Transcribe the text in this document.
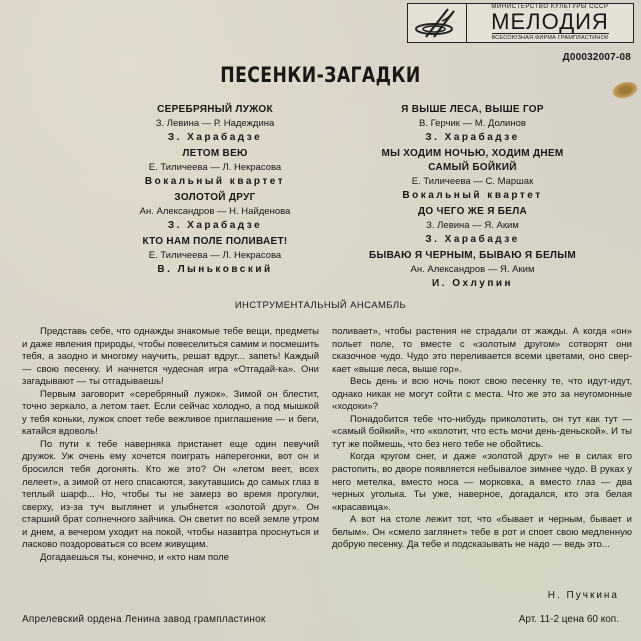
МИНИСТЕРСТВО КУЛЬТУРЫ СССР
МЕЛОДИЯ
ВСЕСОЮЗНАЯ ФИРМА ГРАМПЛАСТИНОК
Д00032007-08
ПЕСЕНКИ-ЗАГАДКИ
СЕРЕБРЯНЫЙ ЛУЖОК
З. Левина — Р. Надеждина
З. Харабадзе
ЛЕТОМ ВЕЮ
Е. Тиличеева — Л. Некрасова
Вокальный квартет
ЗОЛОТОЙ ДРУГ
Ан. Александров — Н. Найденова
З. Харабадзе
КТО НАМ ПОЛЕ ПОЛИВАЕТ!
Е. Тиличеева — Л. Некрасова
В. Лыньковский
Я ВЫШЕ ЛЕСА, ВЫШЕ ГОР
В. Герчик — М. Долинов
З. Харабадзе
МЫ ХОДИМ НОЧЬЮ, ХОДИМ ДНЕМ
САМЫЙ БОЙКИЙ
Е. Тиличеева — С. Маршак
Вокальный квартет
ДО ЧЕГО ЖЕ Я БЕЛА
З. Левина — Я. Аким
З. Харабадзе
БЫВАЮ Я ЧЕРНЫМ, БЫВАЮ Я БЕЛЫМ
Ан. Александров — Я. Аким
И. Охлупин
ИНСТРУМЕНТАЛЬНЫЙ АНСАМБЛЬ

Представь себе, что однажды знакомые тебе вещи, предметы и даже явления природы, чтобы повеселиться самим и посмешить тебя, а заодно и многому научить, решат вдруг... запеть! Каждый — свою песенку. И начнется чудесная игра «Отгадай-ка». Они загадывают — ты отгадываешь!

Первым заговорит «серебряный лужок». Зимой он блестит, точно зеркало, а летом тает. Если сейчас холодно, а под мышкой у тебя коньки, лужок споет тебе вежливое приглашение — и беги, катайся вдоволь!

По пути к тебе наверняка пристанет еще один певучий дружок. Уж очень ему хочется поиграть наперегонки, вот он и бросился тебя догонять. Кто же это? Он «летом веет, всех лелеет», а зимой от него спасаются, закутавшись до самых глаз в теплый шарф... Но, чтобы ты не замерз во время прогулки, сверху, из-за туч выглянет и улыбнется «золотой друг». Он старший брат солнечного зайчика. Он светит по всей земле утром и днем, а вечером уходит на покой, чтобы назавтра проснуться и ласково поздороваться со всем живущим.

Догадаешься ты, конечно, и «кто нам поле

поливает», чтобы растения не страдали от жажды. А когда «он» польет поле, то вместе с «золотым другом» сотворят они сказочное чудо. Чудо это переливается всеми цветами, оно сверкает «выше леса, выше гор».

Весь день и всю ночь поют свою песенку те, что идут-идут, однако никак не могут сойти с места. Что же это за неугомонные «ходоки»?

Понадобится тебе что-нибудь приколотить, он тут как тут — «самый бойкий», что «колотит, что есть мочи день-деньской». И ты тут же поймешь, что без него тебе не обойтись.

Когда кругом снег, и даже «золотой друг» не в силах его растопить, во дворе появляется небывалое зимнее чудо. В руках у него метелка, вместо носа — морковка, а вместо глаз — два черных уголька. Ты уже, наверное, догадался, кто эта белая «красавица».

А вот на столе лежит тот, что «бывает и черным, бывает и белым». Он «смело заглянет» тебе в рот и споет свою медленную добрую песенку. Да тебе и подсказывать не надо — ведь это...

Н. Пучкина
Апрелевский ордена Ленина завод грампластинок	Арт. 11-2 цена 60 коп.
